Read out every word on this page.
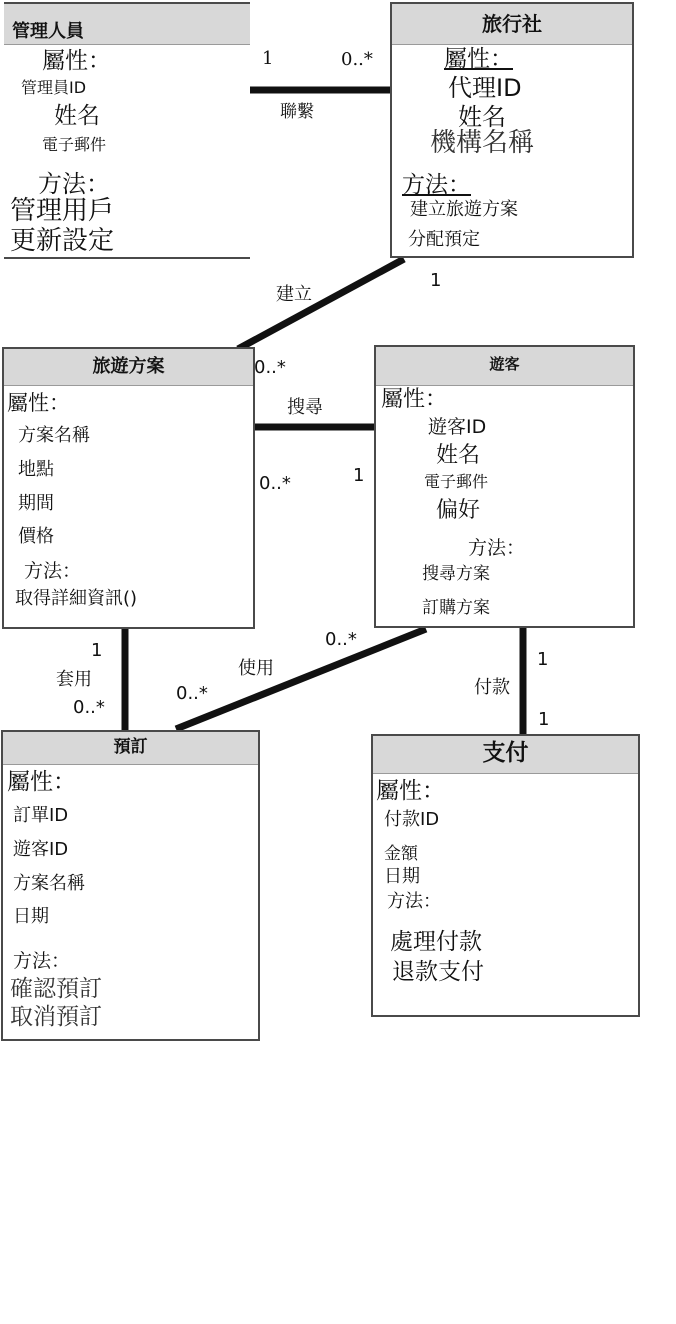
管理人員
屬性：
管理員ID
姓名
電子郵件
方法：
管理用戶
更新設定
旅行社
屬性：
代理ID
姓名
機構名稱
方法：
建立旅遊方案
分配預定
旅遊方案
屬性：
方案名稱
地點
期間
價格
方法：
取得詳細資訊()
遊客
屬性：
遊客ID
姓名
電子郵件
偏好
方法：
搜尋方案
訂購方案
預訂
屬性：
訂單ID
遊客ID
方案名稱
日期
方法：
確認預訂
取消預訂
支付
屬性：
付款ID
金額
日期
方法：
處理付款
退款支付
1	0..*
聯繫
建立
1
0..*
搜尋
0..*	1
1
套用
0..*
0..*
使用
0..*
1
付款
1
